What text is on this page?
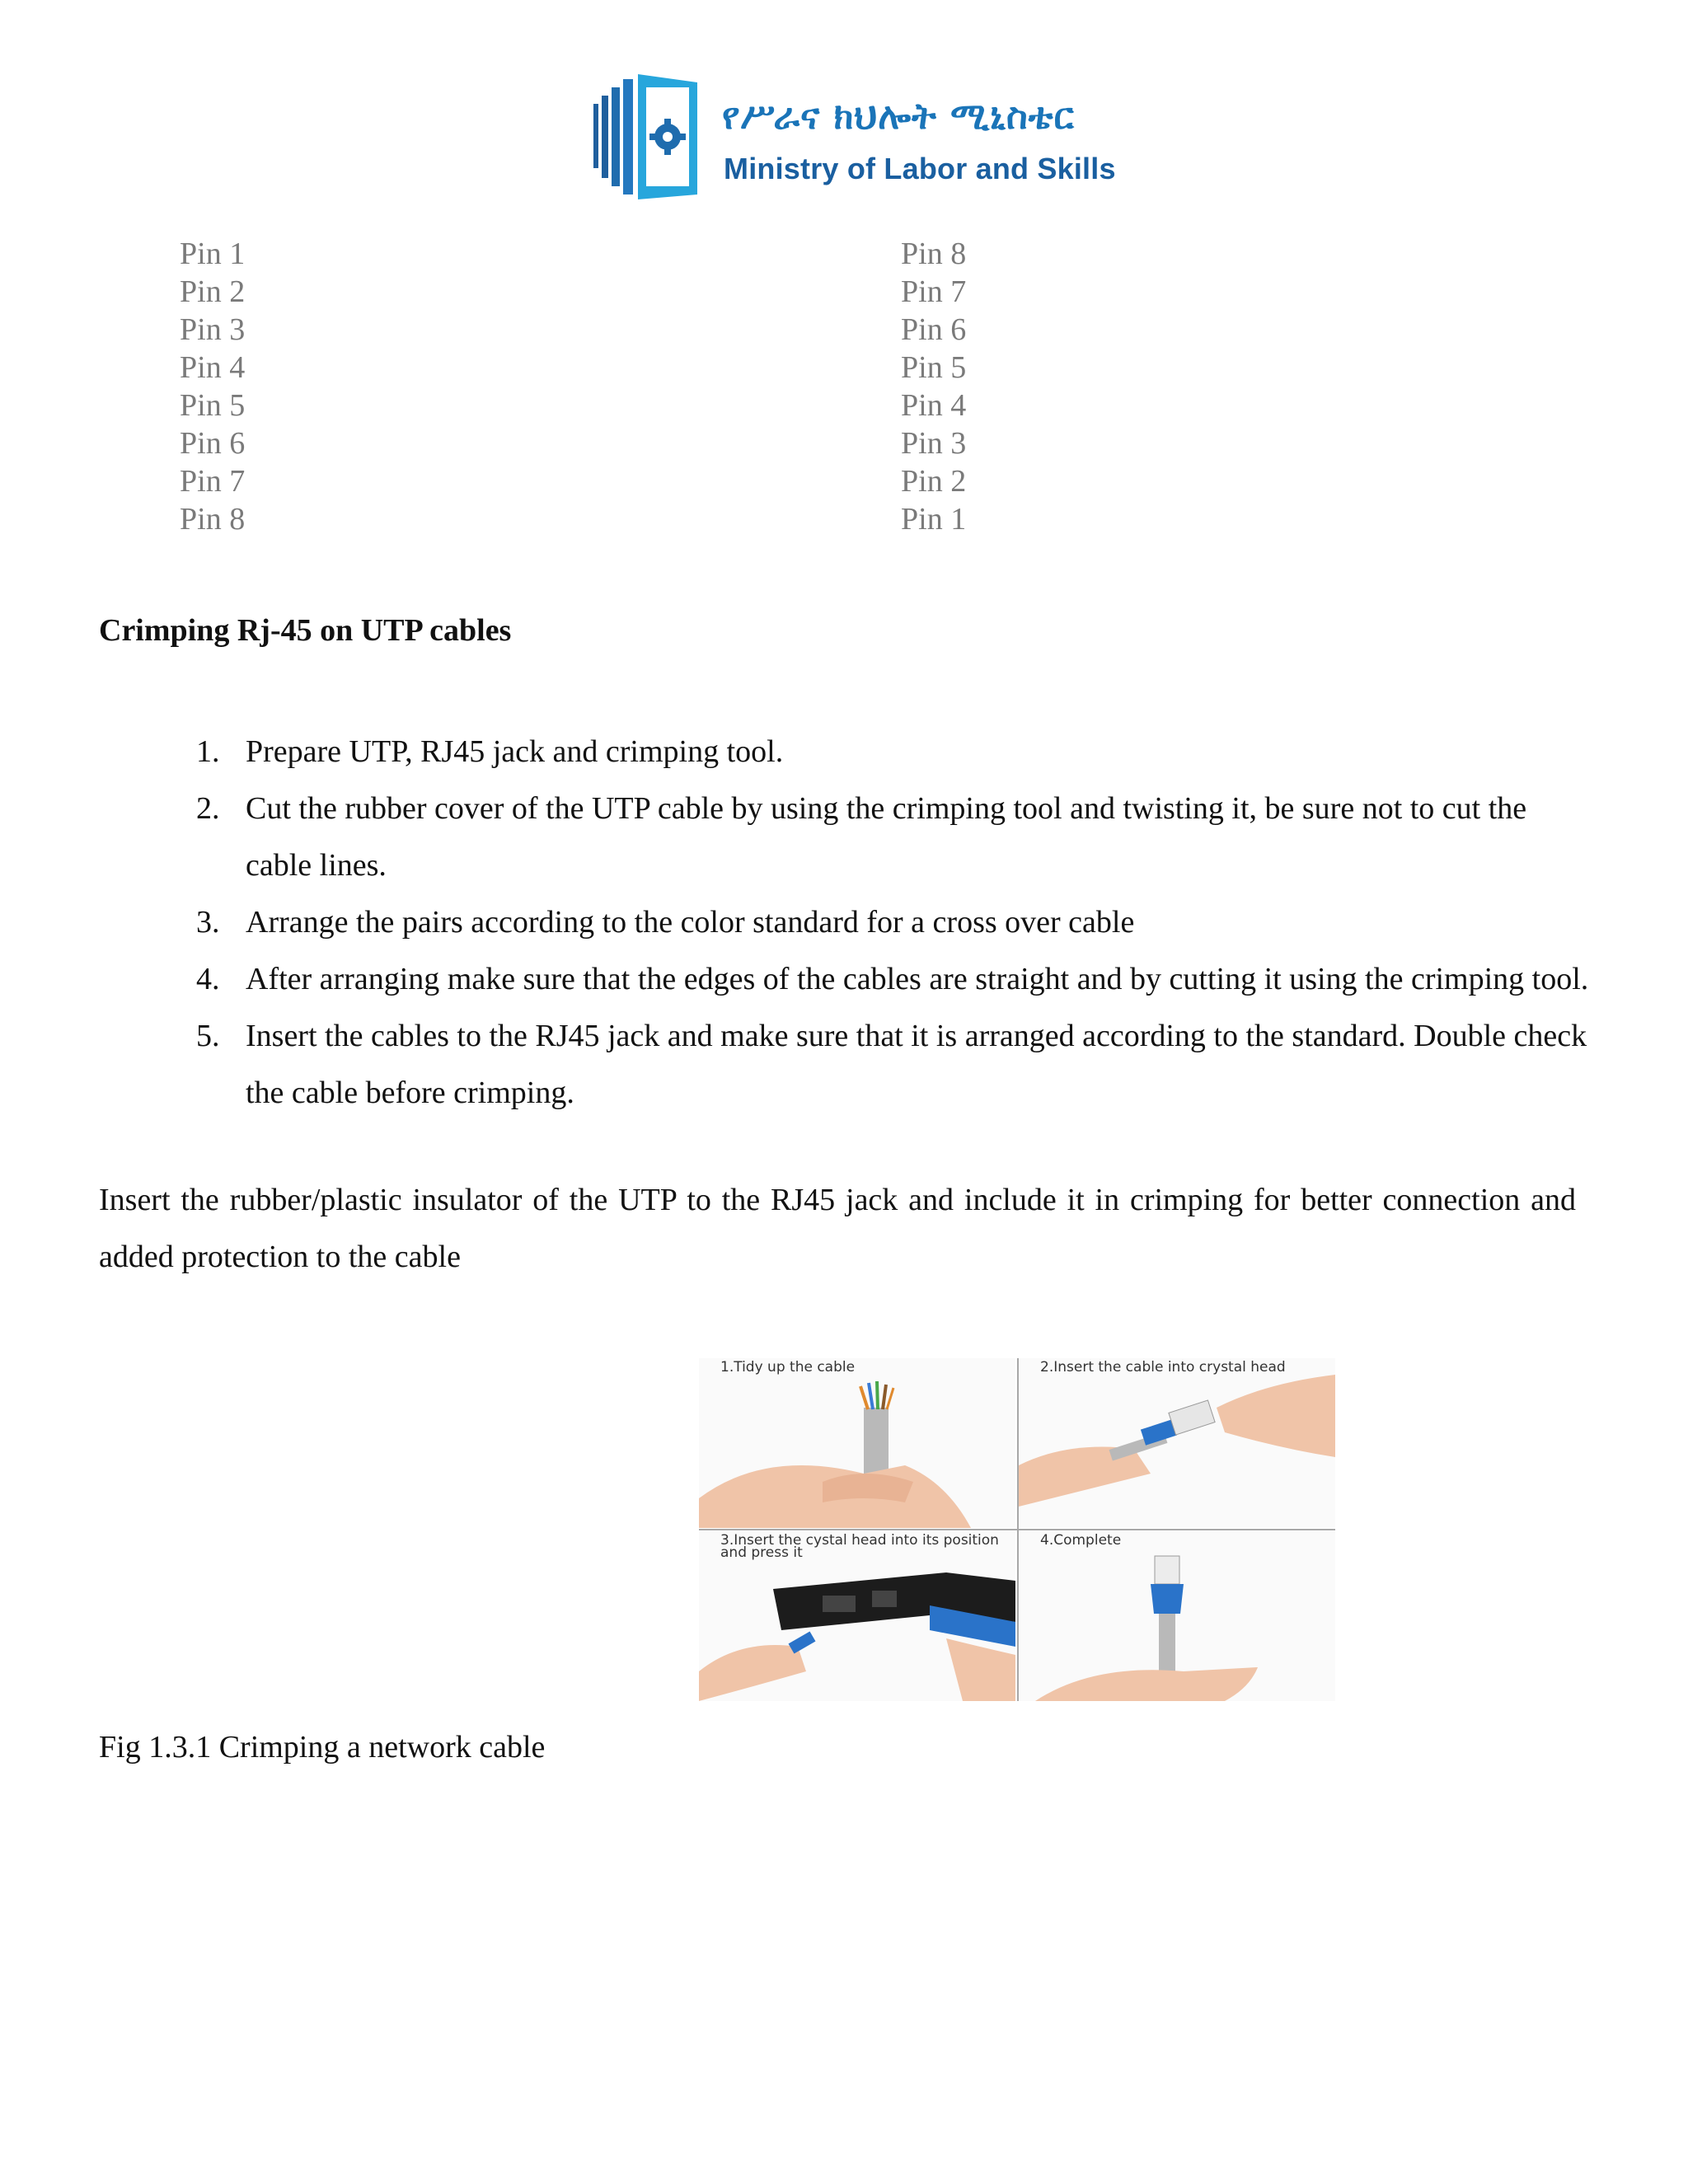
የሥራና ክህሎት ሚኒስቴር
Ministry of Labor and Skills
Pin 1
Pin 2
Pin 3
Pin 4
Pin 5
Pin 6
Pin 7
Pin 8
Pin 8
Pin 7
Pin 6
Pin 5
Pin 4
Pin 3
Pin 2
Pin 1
Crimping Rj-45 on UTP cables
1. Prepare UTP, RJ45 jack and crimping tool.
2. Cut the rubber cover of the UTP cable by using the crimping tool and twisting it, be sure not to cut the cable lines.
3. Arrange the pairs according to the color standard for a cross over cable
4. After arranging make sure that the edges of the cables are straight and by cutting it using the crimping tool.
5. Insert the cables to the RJ45 jack and make sure that it is arranged according to the standard. Double check the cable before crimping.

Insert the rubber/plastic insulator of the UTP to the RJ45 jack and include it in crimping for better connection and added protection to the cable

1.Tidy up the cable	2.Insert the cable into crystal head
3.Insert the cystal head into its position and press it
4.Complete
Fig 1.3.1 Crimping a network cable
